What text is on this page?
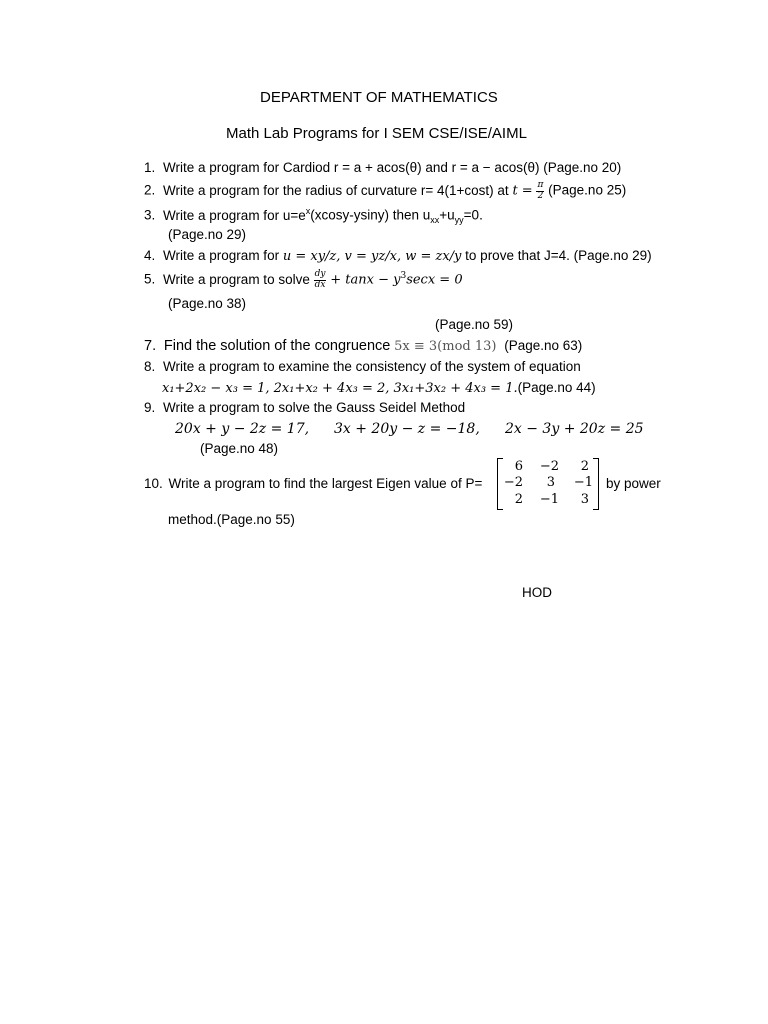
DEPARTMENT OF MATHEMATICS
Math Lab Programs for I SEM CSE/ISE/AIML
1. Write a program for Cardiod r = a + acos(θ) and r = a − acos(θ) (Page.no 20)
2. Write a program for the radius of curvature r= 4(1+cost) at $t = \frac{\pi}{2}$ (Page.no 25)
3. Write a program for $u=e^x(xcosy-ysiny)$ then $u_{xx}+u_{yy}=0$.
(Page.no 29)
4. Write a program for u = xy/z, v = yz/x, w = zx/y to prove that J=4. (Page.no 29)
5. Write a program to solve $\frac{dy}{dx} + \tan x - y^3\sec x = 0$
(Page.no 38)
(Page.no 59)
7. Find the solution of the congruence 5x ≡ 3(mod 13) (Page.no 63)
8. Write a program to examine the consistency of the system of equation
x₁+2x₂ − x₃ = 1, 2x₁+x₂ + 4x₃ = 2, 3x₁+3x₂ + 4x₃ = 1.(Page.no 44)
9. Write a program to solve the Gauss Seidel Method
20x + y − 2z = 17, 3x + 20y − z = −18, 2x − 3y + 20z = 25
(Page.no 48)
10. Write a program to find the largest Eigen value of P=
6	−2	2
−2	3	−1
2	−1	3
by power
method.(Page.no 55)
HOD
